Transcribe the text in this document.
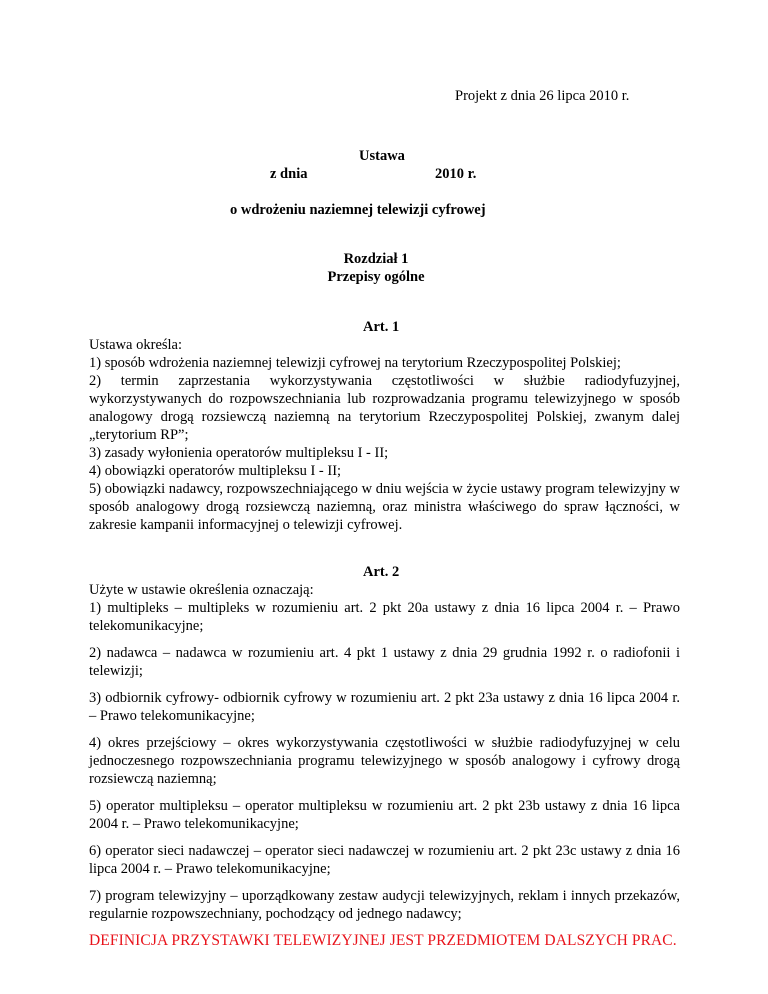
Projekt z dnia 26 lipca 2010 r.
Ustawa
z dnia	2010 r.
o wdrożeniu naziemnej telewizji cyfrowej
Rozdział 1
Przepisy ogólne
Art. 1

Ustawa określa:

1) sposób wdrożenia naziemnej telewizji cyfrowej na terytorium Rzeczypospolitej Polskiej;

2) termin zaprzestania wykorzystywania częstotliwości w służbie radiodyfuzyjnej, wykorzystywanych do rozpowszechniania lub rozprowadzania programu telewizyjnego w sposób analogowy drogą rozsiewczą naziemną na terytorium Rzeczypospolitej Polskiej, zwanym dalej „terytorium RP”;

3) zasady wyłonienia operatorów multipleksu I - II;

4) obowiązki operatorów multipleksu I - II;

5) obowiązki nadawcy, rozpowszechniającego w dniu wejścia w życie ustawy program telewizyjny w sposób analogowy drogą rozsiewczą naziemną, oraz ministra właściwego do spraw łączności, w zakresie kampanii informacyjnej o telewizji cyfrowej.

Art. 2

Użyte w ustawie określenia oznaczają:

1) multipleks – multipleks w rozumieniu art. 2 pkt 20a ustawy z dnia 16 lipca 2004 r. – Prawo telekomunikacyjne;

2) nadawca – nadawca w rozumieniu art. 4 pkt 1 ustawy z dnia 29 grudnia 1992 r. o radiofonii i telewizji;

3) odbiornik cyfrowy- odbiornik cyfrowy w rozumieniu art. 2 pkt 23a ustawy z dnia 16 lipca 2004 r. – Prawo telekomunikacyjne;

4) okres przejściowy – okres wykorzystywania częstotliwości w służbie radiodyfuzyjnej w celu jednoczesnego rozpowszechniania programu telewizyjnego w sposób analogowy i cyfrowy drogą rozsiewczą naziemną;

5) operator multipleksu – operator multipleksu w rozumieniu art. 2 pkt 23b ustawy z dnia 16 lipca 2004 r. – Prawo telekomunikacyjne;

6) operator sieci nadawczej – operator sieci nadawczej w rozumieniu art. 2 pkt 23c ustawy z dnia 16 lipca 2004 r. – Prawo telekomunikacyjne;

7) program telewizyjny – uporządkowany zestaw audycji telewizyjnych, reklam i innych przekazów, regularnie rozpowszechniany, pochodzący od jednego nadawcy;

DEFINICJA PRZYSTAWKI TELEWIZYJNEJ JEST PRZEDMIOTEM DALSZYCH PRAC.
